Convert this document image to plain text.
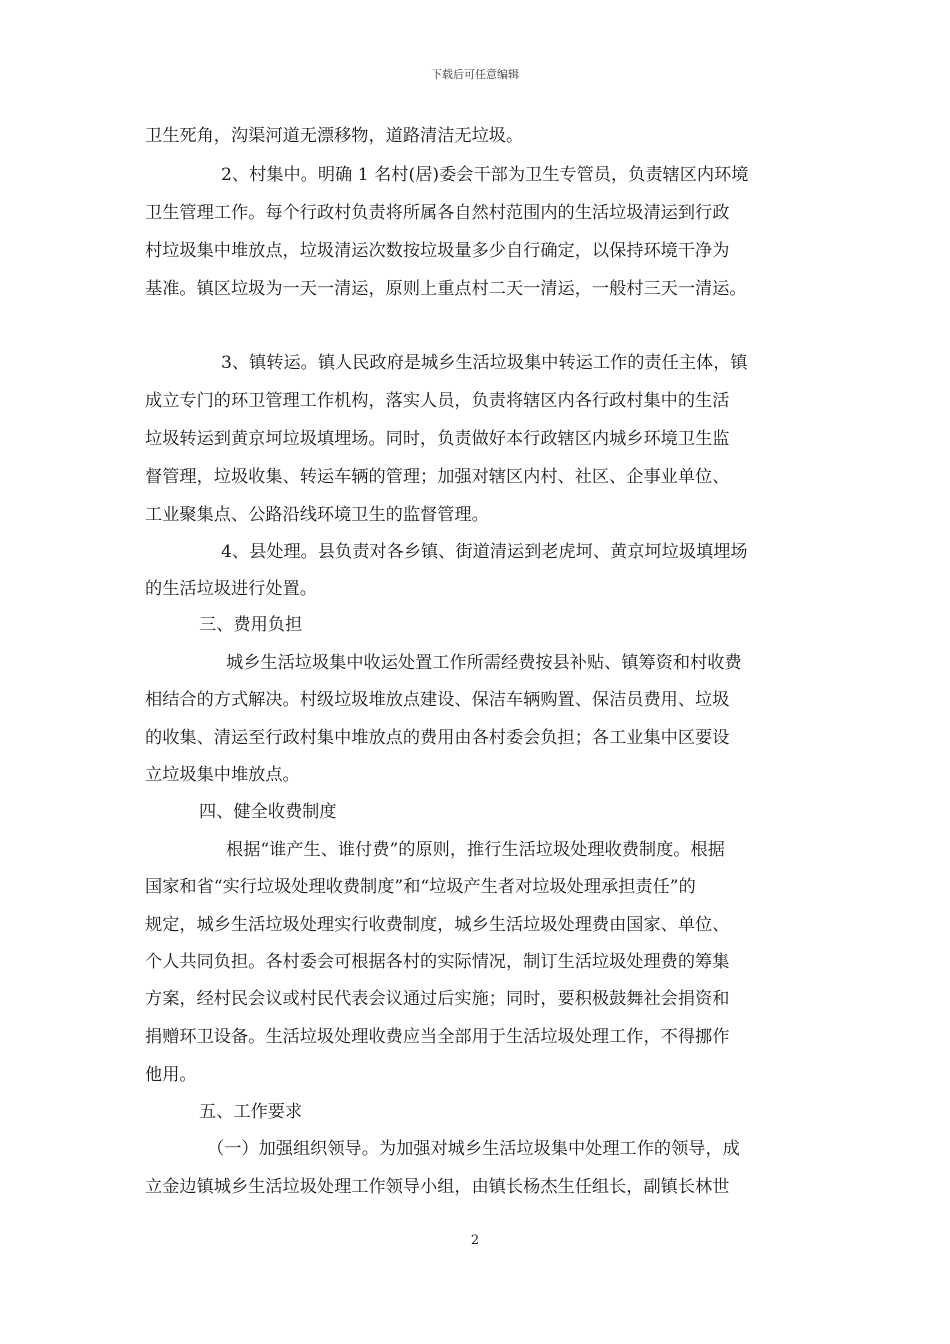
下载后可任意编辑
卫生死角，沟渠河道无漂移物，道路清洁无垃圾。
2、村集中。明确 1 名村(居)委会干部为卫生专管员，负责辖区内环境
卫生管理工作。每个行政村负责将所属各自然村范围内的生活垃圾清运到行政
村垃圾集中堆放点，垃圾清运次数按垃圾量多少自行确定，以保持环境干净为
基准。镇区垃圾为一天一清运，原则上重点村二天一清运，一般村三天一清运。
3、镇转运。镇人民政府是城乡生活垃圾集中转运工作的责任主体，镇
成立专门的环卫管理工作机构，落实人员，负责将辖区内各行政村集中的生活
垃圾转运到黄京坷垃圾填埋场。同时，负责做好本行政辖区内城乡环境卫生监
督管理，垃圾收集、转运车辆的管理；加强对辖区内村、社区、企事业单位、
工业聚集点、公路沿线环境卫生的监督管理。
4、县处理。县负责对各乡镇、街道清运到老虎坷、黄京坷垃圾填埋场
的生活垃圾进行处置。
三、费用负担
城乡生活垃圾集中收运处置工作所需经费按县补贴、镇筹资和村收费
相结合的方式解决。村级垃圾堆放点建设、保洁车辆购置、保洁员费用、垃圾
的收集、清运至行政村集中堆放点的费用由各村委会负担；各工业集中区要设
立垃圾集中堆放点。
四、健全收费制度
根据“谁产生、谁付费”的原则，推行生活垃圾处理收费制度。根据
国家和省“实行垃圾处理收费制度”和“垃圾产生者对垃圾处理承担责任”的
规定，城乡生活垃圾处理实行收费制度，城乡生活垃圾处理费由国家、单位、
个人共同负担。各村委会可根据各村的实际情况，制订生活垃圾处理费的筹集
方案，经村民会议或村民代表会议通过后实施；同时，要积极鼓舞社会捐资和
捐赠环卫设备。生活垃圾处理收费应当全部用于生活垃圾处理工作，不得挪作
他用。
五、工作要求
（一）加强组织领导。为加强对城乡生活垃圾集中处理工作的领导，成
立金边镇城乡生活垃圾处理工作领导小组，由镇长杨杰生任组长，副镇长林世
2
